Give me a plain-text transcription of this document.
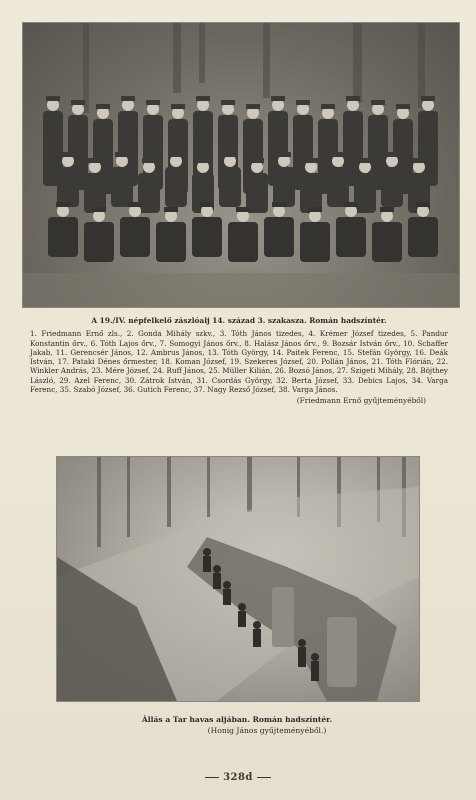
A 19./IV. népfelkelő zászlóalj 14. század 3. szakasza. Román hadszíntér.
1. Friedmann Ernő zls., 2. Gonda Mihály szkv., 3. Tóth János tizedes, 4. Krémer József tizedes, 5. Pandur Konstantin őrv., 6. Tóth Lajos őrv., 7. Somogyi János őrv., 8. Halász János őrv., 9. Bozsár István őrv., 10. Schaffer Jakab, 11. Gerencsér János, 12. Ambrus János, 13. Tóth György, 14. Paitek Ferenc, 15. Stefán György, 16. Deák István, 17. Pataki Dénes őrmester, 18. Koman József, 19. Szekeres József, 20. Pollán János, 21. Tóth Flórián, 22. Winkler András, 23. Mére József, 24. Ruff János, 25. Müller Kilián, 26. Bozsó János, 27. Szigeti Mihály, 28. Böjthey László, 29. Azel Ferenc, 30. Zátrok István, 31. Csordás György, 32. Berta József, 33. Debics Lajos, 34. Varga Ferenc, 35. Szabó József, 36. Gutich Ferenc, 37. Nagy Rezső József, 38. Varga János.
(Friedmann Ernő gyűjteményéből)
Állás a Tar havas aljában. Román hadszíntér.
(Honig János gyűjteményéből.)
328d
